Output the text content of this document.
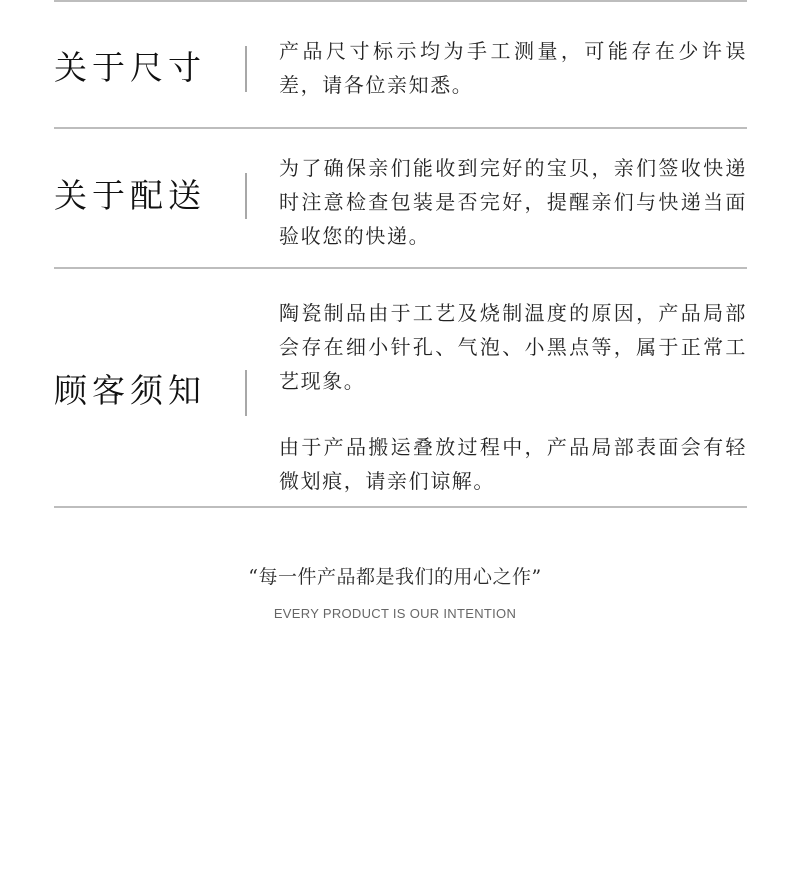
关于尺寸	产品尺寸标示均为手工测量，可能存在少许误差，请各位亲知悉。
关于配送
为了确保亲们能收到完好的宝贝，亲们签收快递时注意检查包装是否完好，提醒亲们与快递当面验收您的快递。
顾客须知
陶瓷制品由于工艺及烧制温度的原因，产品局部会存在细小针孔、气泡、小黑点等，属于正常工艺现象。
由于产品搬运叠放过程中，产品局部表面会有轻微划痕，请亲们谅解。
“每一件产品都是我们的用心之作”
EVERY PRODUCT IS OUR INTENTION
